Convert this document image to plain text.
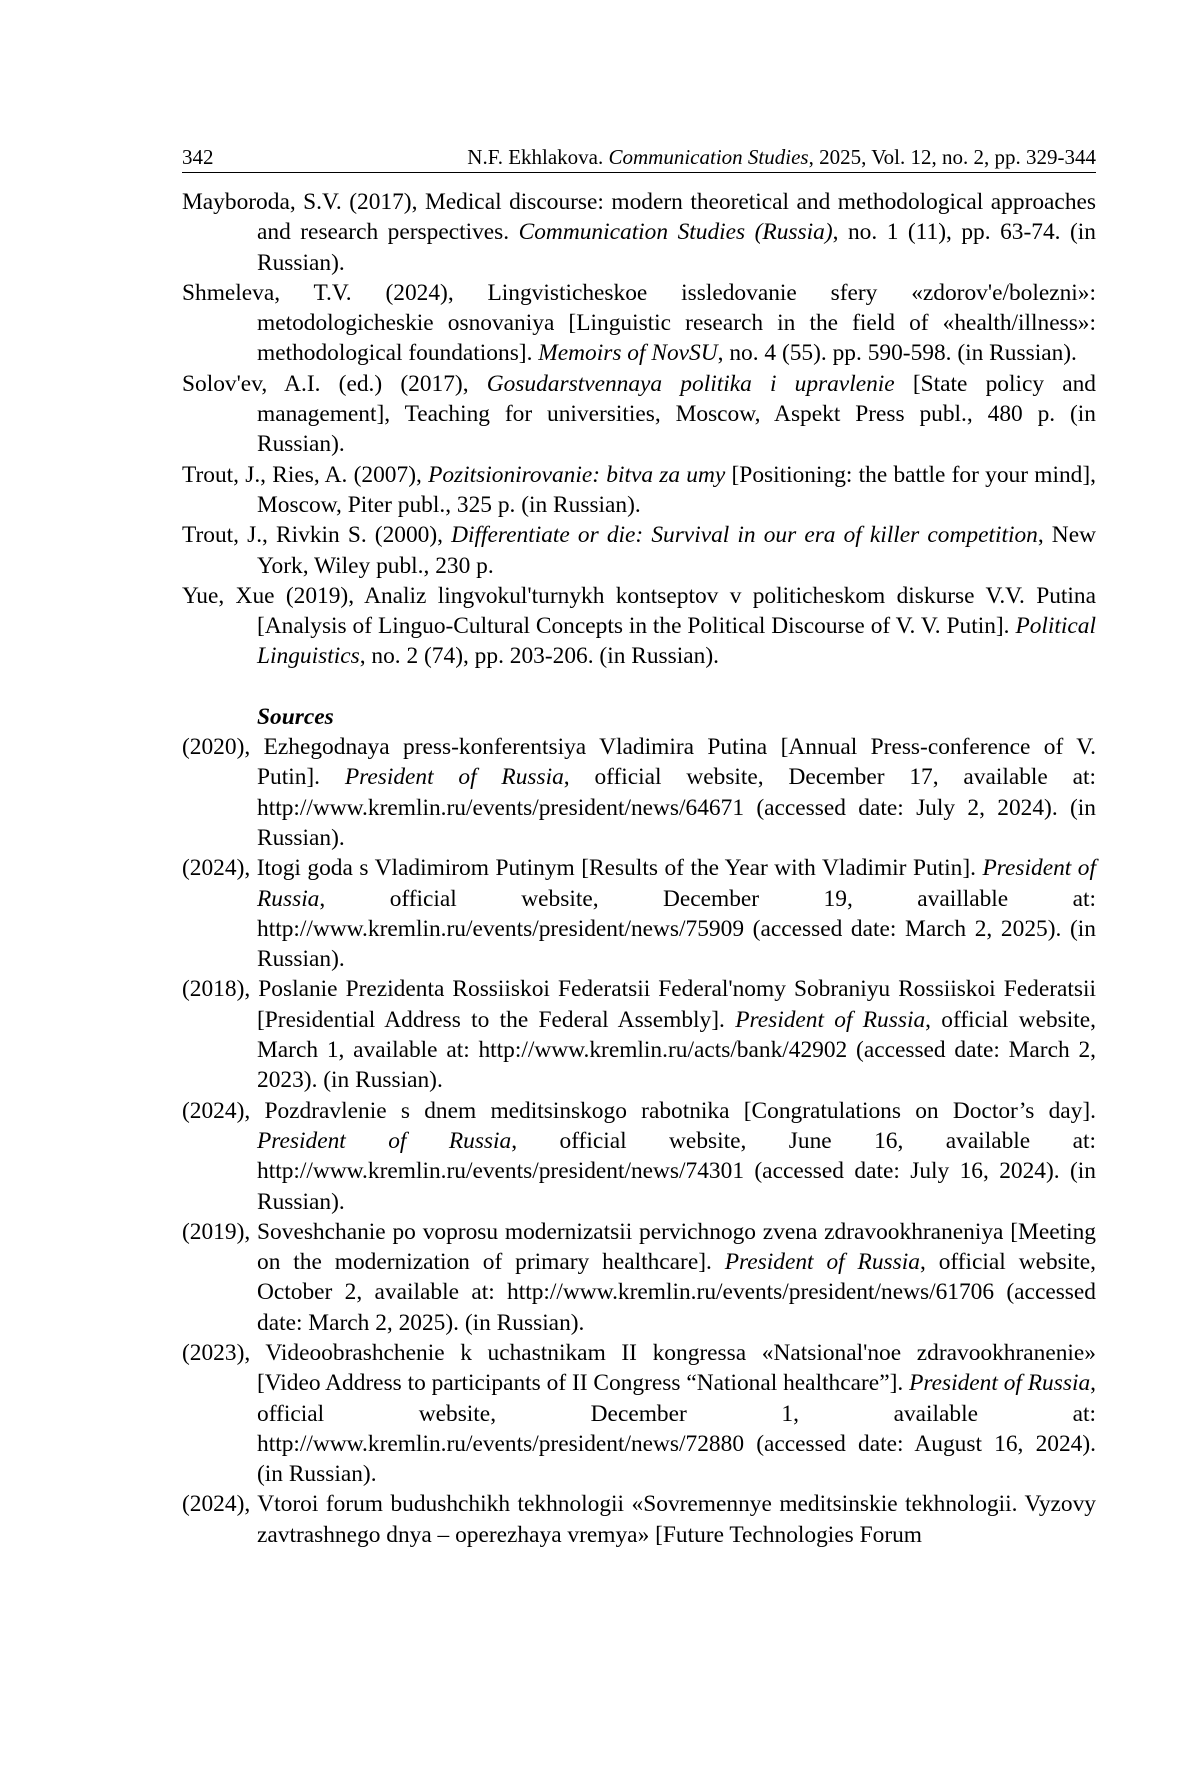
342	N.F. Ekhlakova. Communication Studies, 2025, Vol. 12, no. 2, pp. 329-344

Mayboroda, S.V. (2017), Medical discourse: modern theoretical and methodological approaches and research perspectives. Communication Studies (Russia), no. 1 (11), pp. 63-74. (in Russian).

Shmeleva, T.V. (2024), Lingvisticheskoe issledovanie sfery «zdorov'e/bolezni»: metodologicheskie osnovaniya [Linguistic research in the field of «health/illness»: methodological foundations]. Memoirs of NovSU, no. 4 (55). pp. 590-598. (in Russian).

Solov'ev, A.I. (ed.) (2017), Gosudarstvennaya politika i upravlenie [State policy and management], Teaching for universities, Moscow, Aspekt Press publ., 480 p. (in Russian).

Trout, J., Ries, A. (2007), Pozitsionirovanie: bitva za umy [Positioning: the battle for your mind], Moscow, Piter publ., 325 p. (in Russian).

Trout, J., Rivkin S. (2000), Differentiate or die: Survival in our era of killer competition, New York, Wiley publ., 230 p.

Yue, Xue (2019), Analiz lingvokul'turnykh kontseptov v politicheskom diskurse V.V. Putina [Analysis of Linguo-Cultural Concepts in the Political Discourse of V. V. Putin]. Political Linguistics, no. 2 (74), pp. 203-206. (in Russian).

Sources

(2020), Ezhegodnaya press-konferentsiya Vladimira Putina [Annual Press-conference of V. Putin]. President of Russia, official website, December 17, available at: http://www.kremlin.ru/events/president/news/64671 (accessed date: July 2, 2024). (in Russian).

(2024), Itogi goda s Vladimirom Putinym [Results of the Year with Vladimir Putin]. President of Russia, official website, December 19, availlable at: http://www.kremlin.ru/events/president/news/75909 (accessed date: March 2, 2025). (in Russian).

(2018), Poslanie Prezidenta Rossiiskoi Federatsii Federal'nomy Sobraniyu Rossiiskoi Federatsii [Presidential Address to the Federal Assembly]. President of Russia, official website, March 1, available at: http://www.kremlin.ru/acts/bank/42902 (accessed date: March 2, 2023). (in Russian).

(2024), Pozdravlenie s dnem meditsinskogo rabotnika [Congratulations on Doctor’s day]. President of Russia, official website, June 16, available at: http://www.kremlin.ru/events/president/news/74301 (accessed date: July 16, 2024). (in Russian).

(2019), Soveshchanie po voprosu modernizatsii pervichnogo zvena zdravookhraneniya [Meeting on the modernization of primary healthcare]. President of Russia, official website, October 2, available at: http://www.kremlin.ru/events/president/news/61706 (accessed date: March 2, 2025). (in Russian).

(2023), Videoobrashchenie k uchastnikam II kongressa «Natsional'noe zdravookhranenie» [Video Address to participants of II Congress “National healthcare”]. President of Russia, official website, December 1, available at: http://www.kremlin.ru/events/president/news/72880 (accessed date: August 16, 2024). (in Russian).

(2024), Vtoroi forum budushchikh tekhnologii «Sovremennye meditsinskie tekhnologii. Vyzovy zavtrashnego dnya – operezhaya vremya» [Future Technologies Forum
